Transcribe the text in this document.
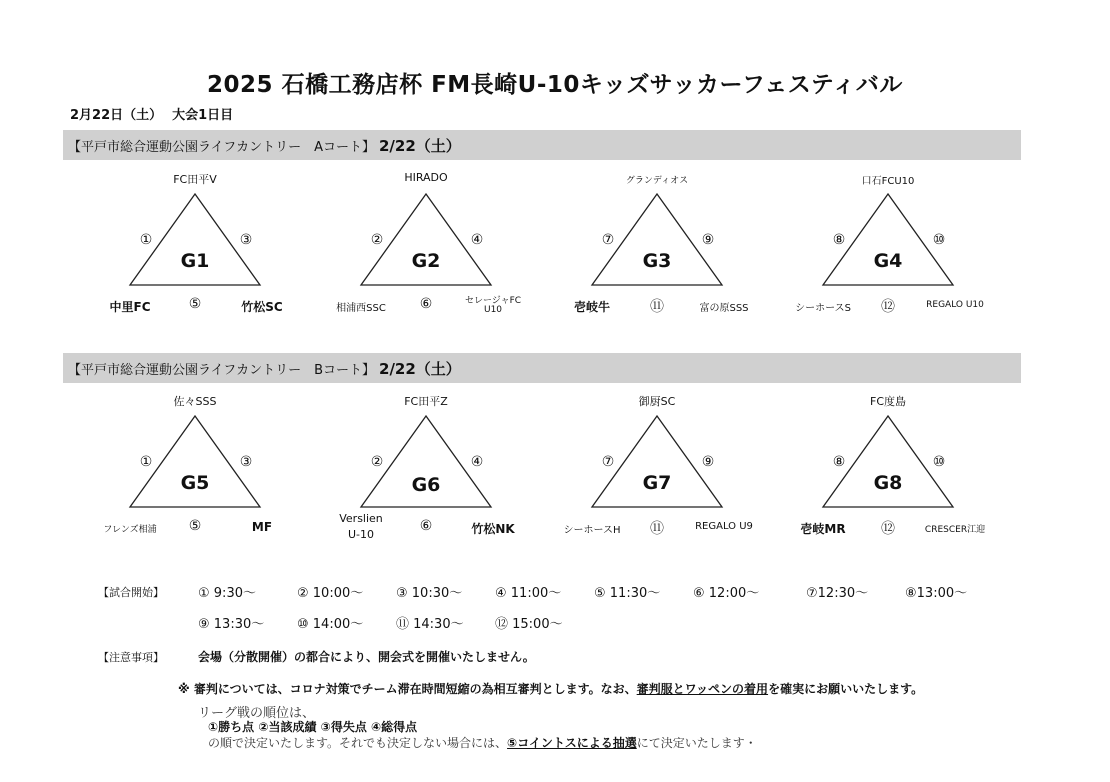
2025 石橋工務店杯 FM長崎U-10キッズサッカーフェスティバル
2月22日（土） 大会1日目
【平戸市総合運動公園ライフカントリー　Aコート】 2/22（土）
【平戸市総合運動公園ライフカントリー　Bコート】 2/22（土）
FC田平V
①	③
G1
中里FC	⑤	竹松SC
HIRADO
②	④
G2
相浦西SSC ⑥	セレージャFC
U10
グランディオス
⑦	⑨
G3
壱岐牛	⑪	富の原SSS
口石FCU10
⑧	⑩
G4
シーホースS ⑫	REGALO U10
佐々SSS
①	③
G5
フレンズ相浦 ⑤	MF
FC田平Z
②	④
G6
Verslien
U-10
⑥	竹松NK
御厨SC
⑦	⑨
G7
シーホースH ⑪	REGALO U9
FC度島
⑧	⑩
G8
壱岐MR	⑫	CRESCER江迎
【試合開始】	① 9:30～	② 10:00～	③ 10:30～	④ 11:00～	⑤ 11:30～	⑥ 12:00～	⑦12:30～	⑧13:00～
⑨ 13:30～	⑩ 14:00～	⑪ 14:30～ ⑫ 15:00～
【注意事項】	会場（分散開催）の都合により、開会式を開催いたしません。
※ 審判については、コロナ対策でチーム滞在時間短縮の為相互審判とします。なお、審判服とワッペンの着用を確実にお願いいたします。
リーグ戦の順位は、
①勝ち点 ②当該成績 ③得失点 ④総得点
の順で決定いたします。それでも決定しない場合には、⑤コイントスによる抽選にて決定いたします・
